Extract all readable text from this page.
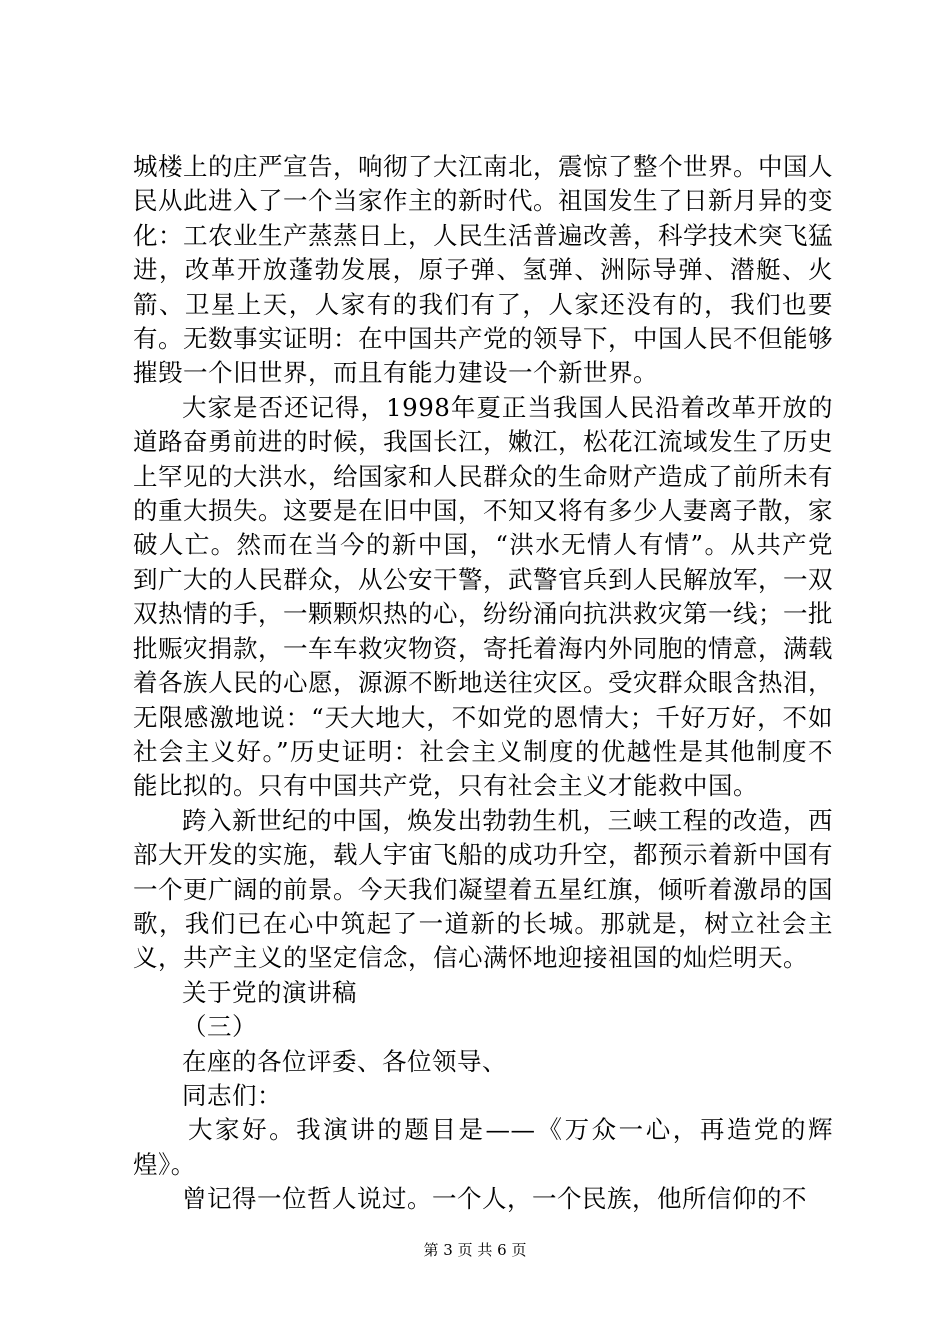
城楼上的庄严宣告，响彻了大江南北，震惊了整个世界。中国人民从此进入了一个当家作主的新时代。祖国发生了日新月异的变化：工农业生产蒸蒸日上，人民生活普遍改善，科学技术突飞猛进，改革开放蓬勃发展，原子弹、氢弹、洲际导弹、潜艇、火箭、卫星上天，人家有的我们有了，人家还没有的，我们也要有。无数事实证明：在中国共产党的领导下，中国人民不但能够摧毁一个旧世界，而且有能力建设一个新世界。

大家是否还记得，1998年夏正当我国人民沿着改革开放的道路奋勇前进的时候，我国长江，嫩江，松花江流域发生了历史上罕见的大洪水，给国家和人民群众的生命财产造成了前所未有的重大损失。这要是在旧中国，不知又将有多少人妻离子散，家破人亡。然而在当今的新中国，“洪水无情人有情”。从共产党到广大的人民群众，从公安干警，武警官兵到人民解放军，一双双热情的手，一颗颗炽热的心，纷纷涌向抗洪救灾第一线；一批批赈灾捐款，一车车救灾物资，寄托着海内外同胞的情意，满载着各族人民的心愿，源源不断地送往灾区。受灾群众眼含热泪，无限感激地说：“天大地大，不如党的恩情大；千好万好，不如社会主义好。”历史证明：社会主义制度的优越性是其他制度不能比拟的。只有中国共产党，只有社会主义才能救中国。

跨入新世纪的中国，焕发出勃勃生机，三峡工程的改造，西部大开发的实施，载人宇宙飞船的成功升空，都预示着新中国有一个更广阔的前景。今天我们凝望着五星红旗，倾听着激昂的国歌，我们已在心中筑起了一道新的长城。那就是，树立社会主义，共产主义的坚定信念，信心满怀地迎接祖国的灿烂明天。

关于党的演讲稿

（三）

在座的各位评委、各位领导、

同志们：

大家好。我演讲的题目是——《万众一心，再造党的辉煌》。

曾记得一位哲人说过。一个人，一个民族，他所信仰的不

第 3 页 共 6 页
